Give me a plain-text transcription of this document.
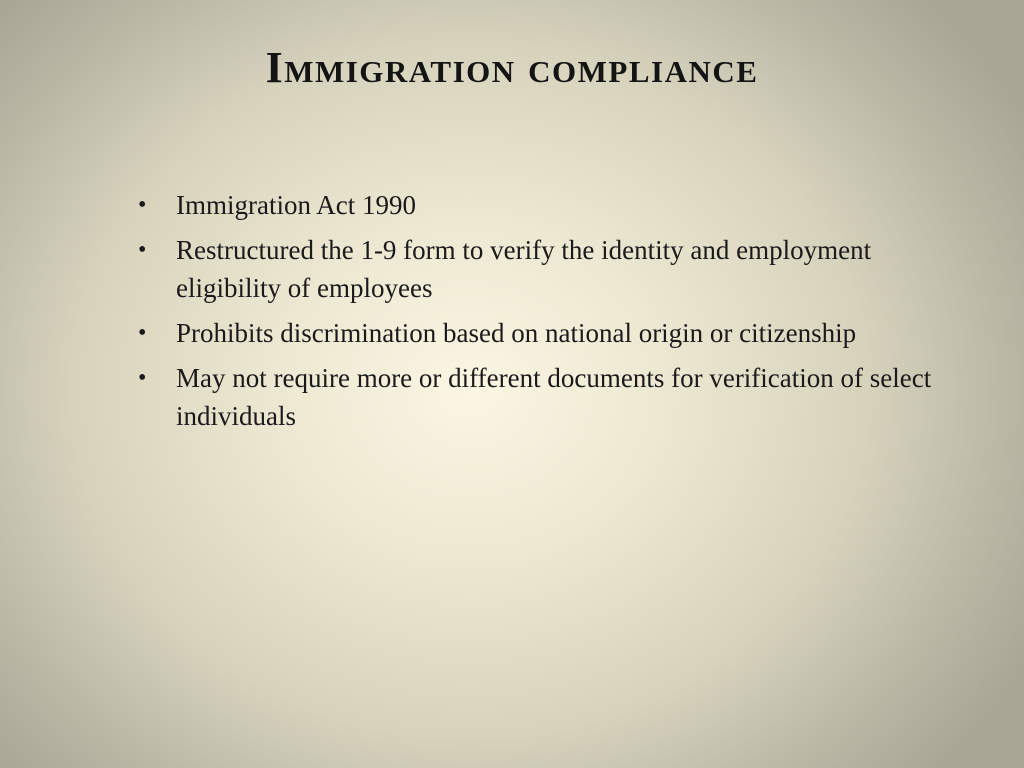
Immigration compliance
• Immigration Act 1990
• Restructured the 1-9 form to verify the identity and employment eligibility of employees
• Prohibits discrimination based on national origin or citizenship
• May not require more or different documents for verification of select individuals
